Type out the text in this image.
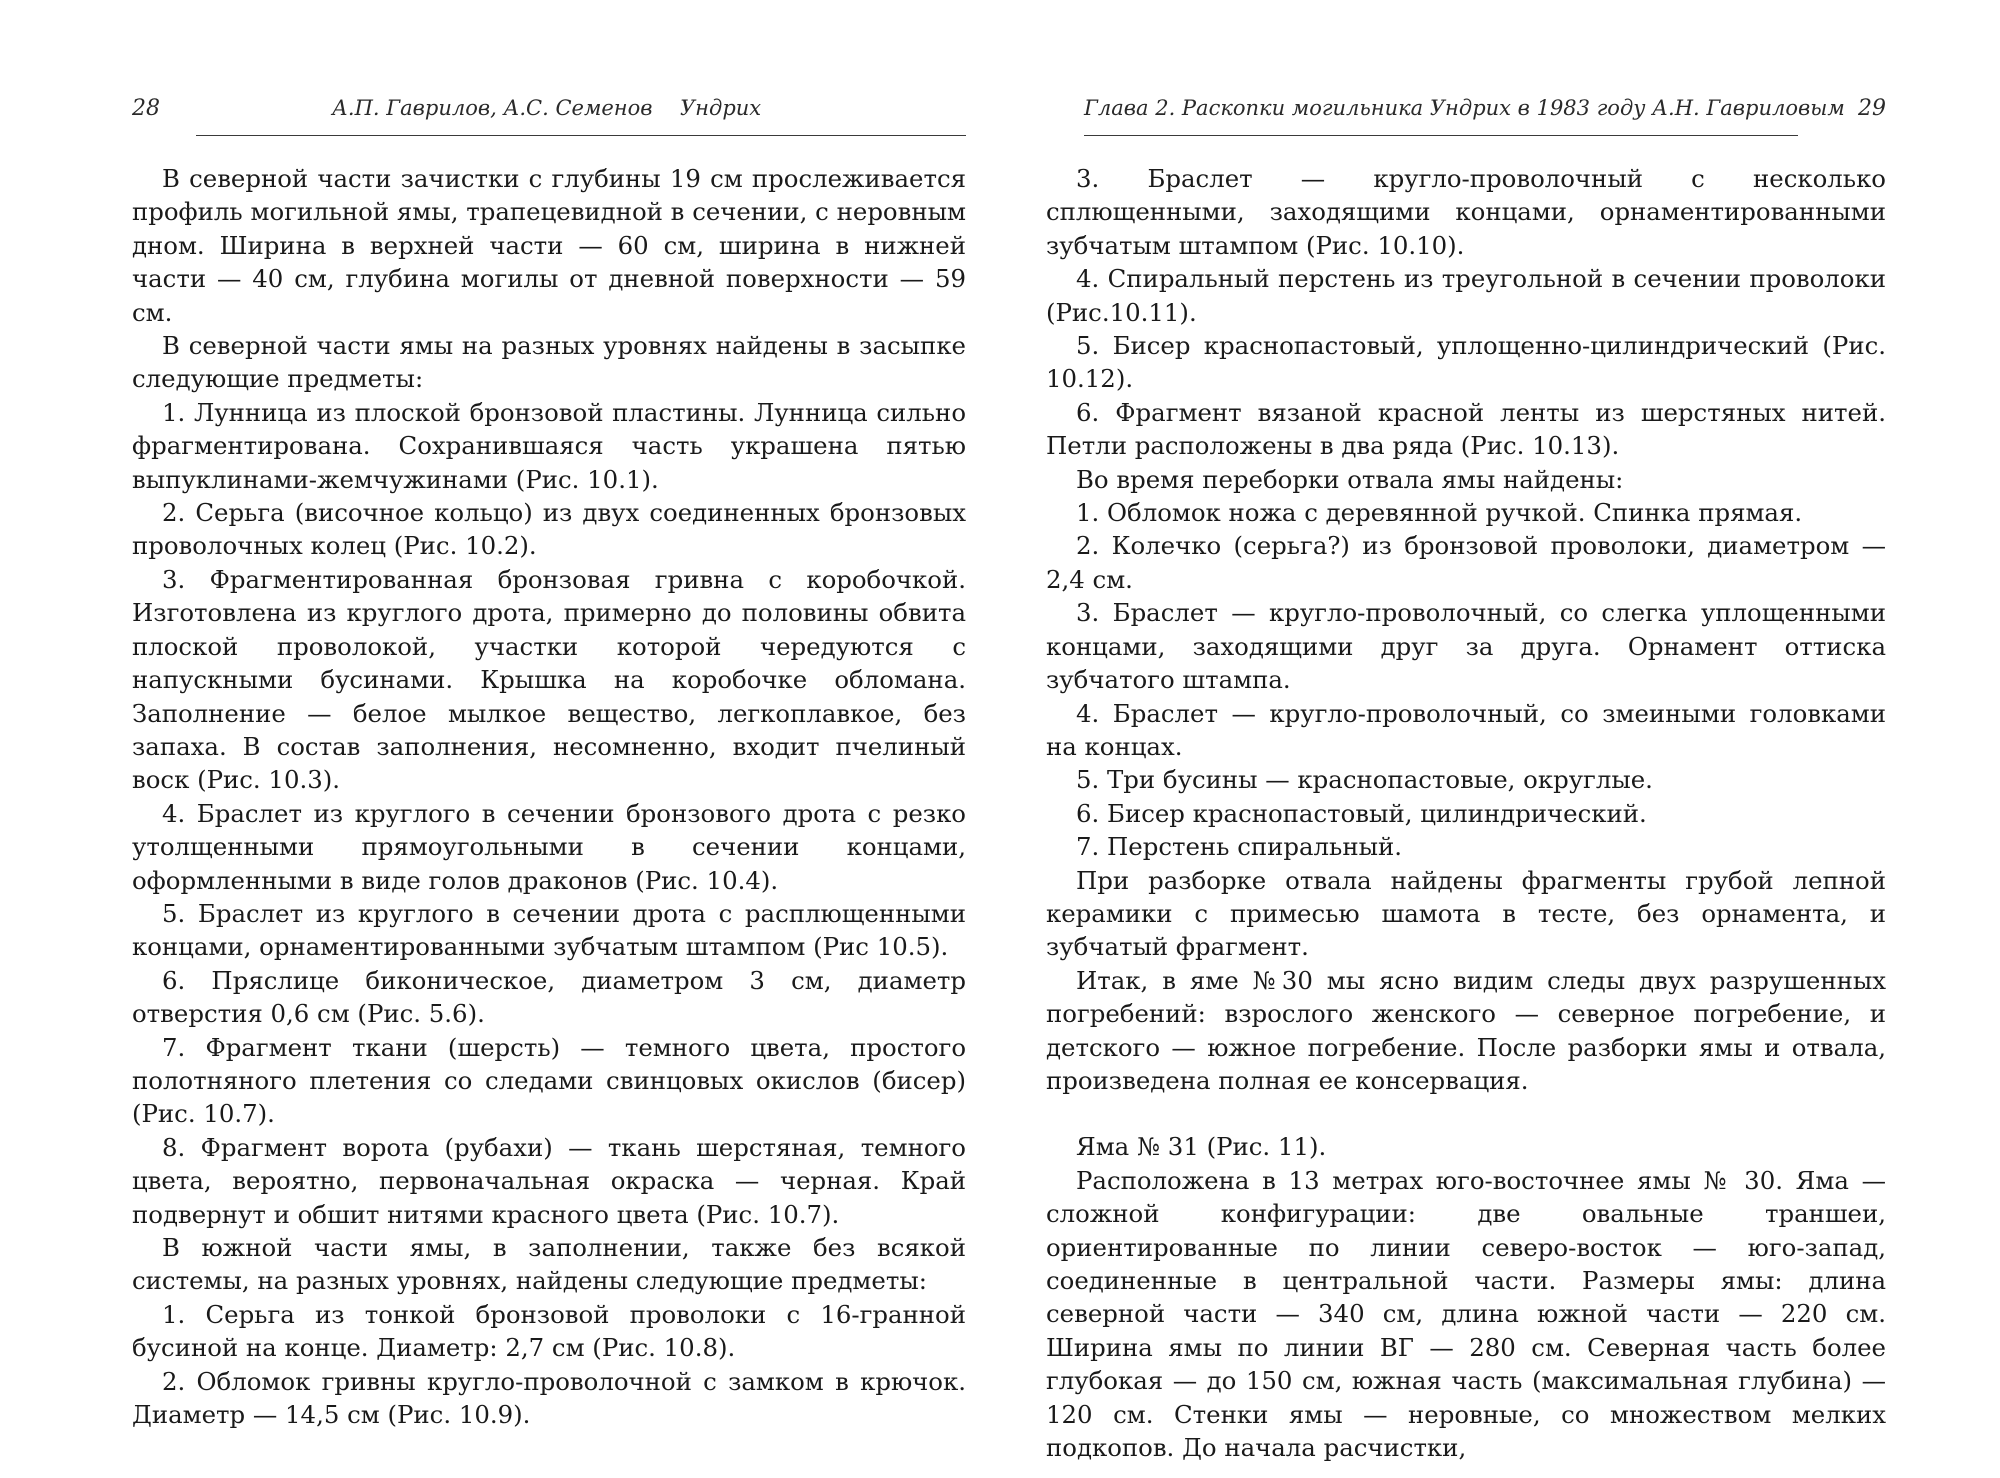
28	А.П. Гаврилов, А.С. Семенов Ундрих

В северной части зачистки с глубины 19 см прослеживается профиль могильной ямы, трапецевидной в сечении, с неровным дном. Ширина в верхней части — 60 см, ширина в нижней части — 40 см, глубина могилы от дневной поверхности — 59 см.

В северной части ямы на разных уровнях найдены в засыпке следующие предметы:

1. Лунница из плоской бронзовой пластины. Лунница сильно фрагментирована. Сохранившаяся часть украшена пятью выпуклинами-жемчужинами (Рис. 10.1).

2. Серьга (височное кольцо) из двух соединенных бронзовых проволочных колец (Рис. 10.2).

3. Фрагментированная бронзовая гривна с коробочкой. Изготовлена из круглого дрота, примерно до половины обвита плоской проволокой, участки которой чередуются с напускными бусинами. Крышка на коробочке обломана. Заполнение — белое мылкое вещество, легкоплавкое, без запаха. В состав заполнения, несомненно, входит пчелиный воск (Рис. 10.3).

4. Браслет из круглого в сечении бронзового дрота с резко утолщенными прямоугольными в сечении концами, оформленными в виде голов драконов (Рис. 10.4).

5. Браслет из круглого в сечении дрота с расплющенными концами, орнаментированными зубчатым штампом (Рис 10.5).

6. Пряслице биконическое, диаметром 3 см, диаметр отверстия 0,6 см (Рис. 5.6).

7. Фрагмент ткани (шерсть) — темного цвета, простого полотняного плетения со следами свинцовых окислов (бисер) (Рис. 10.7).

8. Фрагмент ворота (рубахи) — ткань шерстяная, темного цвета, вероятно, первоначальная окраска — черная. Край подвернут и обшит нитями красного цвета (Рис. 10.7).

В южной части ямы, в заполнении, также без всякой системы, на разных уровнях, найдены следующие предметы:

1. Серьга из тонкой бронзовой проволоки с 16-гранной бусиной на конце. Диаметр: 2,7 см (Рис. 10.8).

2. Обломок гривны кругло-проволочной с замком в крючок. Диаметр — 14,5 см (Рис. 10.9).

Глава 2. Раскопки могильника Ундрих в 1983 году А.Н. Гавриловым 29

3. Браслет — кругло-проволочный с несколько сплющенными, заходящими концами, орнаментированными зубчатым штампом (Рис. 10.10).

4. Спиральный перстень из треугольной в сечении проволоки (Рис.10.11).

5. Бисер краснопастовый, уплощенно-цилиндрический (Рис. 10.12).

6. Фрагмент вязаной красной ленты из шерстяных нитей. Петли расположены в два ряда (Рис. 10.13).

Во время переборки отвала ямы найдены:

1. Обломок ножа с деревянной ручкой. Спинка прямая.

2. Колечко (серьга?) из бронзовой проволоки, диаметром — 2,4 см.

3. Браслет — кругло-проволочный, со слегка уплощенными концами, заходящими друг за друга. Орнамент оттиска зубчатого штампа.

4. Браслет — кругло-проволочный, со змеиными головками на концах.

5. Три бусины — краснопастовые, округлые.

6. Бисер краснопастовый, цилиндрический.

7. Перстень спиральный.

При разборке отвала найдены фрагменты грубой лепной керамики с примесью шамота в тесте, без орнамента, и зубчатый фрагмент.

Итак, в яме №30 мы ясно видим следы двух разрушенных погребений: взрослого женского — северное погребение, и детского — южное погребение. После разборки ямы и отвала, произведена полная ее консервация.

Яма № 31 (Рис. 11).

Расположена в 13 метрах юго-восточнее ямы № 30. Яма — сложной конфигурации: две овальные траншеи, ориентированные по линии северо-восток — юго-запад, соединенные в центральной части. Размеры ямы: длина северной части — 340 см, длина южной части — 220 см. Ширина ямы по линии ВГ — 280 см. Северная часть более глубокая — до 150 см, южная часть (максимальная глубина) — 120 см. Стенки ямы — неровные, со множеством мелких подкопов. До начала расчистки,
